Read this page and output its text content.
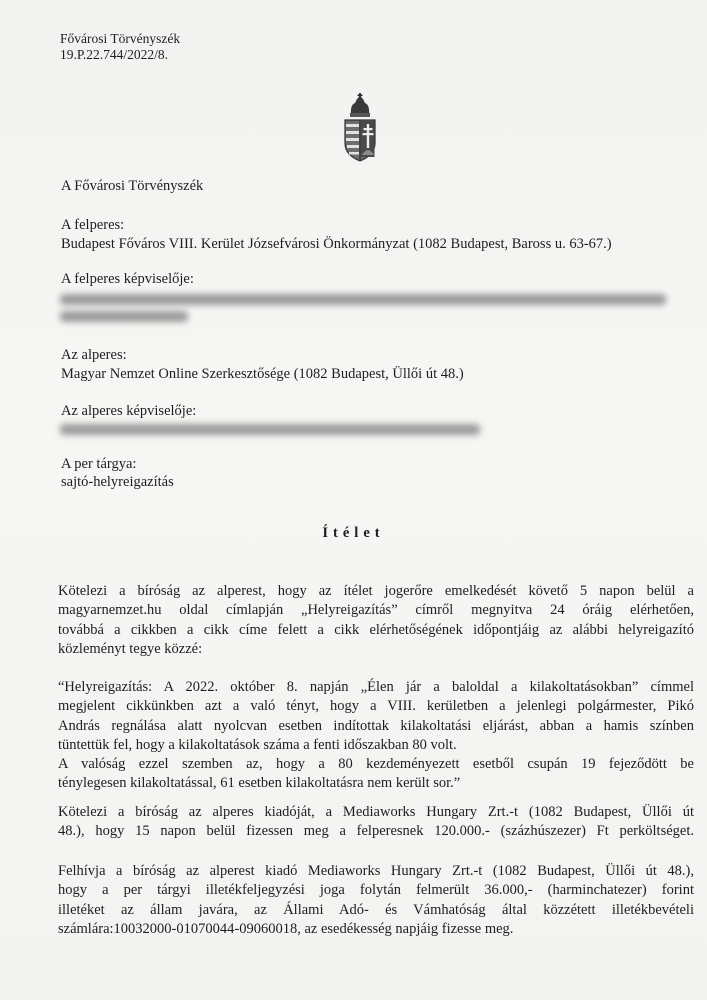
Fővárosi Törvényszék
19.P.22.744/2022/8.
A Fővárosi Törvényszék
A felperes:
Budapest Főváros VIII. Kerület Józsefvárosi Önkormányzat (1082 Budapest, Baross u. 63-67.)
A felperes képviselője:
Az alperes:
Magyar Nemzet Online Szerkesztősége (1082 Budapest, Üllői út 48.)
Az alperes képviselője:
A per tárgya:
sajtó-helyreigazítás
Ítélet
Kötelezi a bíróság az alperest, hogy az ítélet jogerőre emelkedését követő 5 napon belül a
magyarnemzet.hu oldal címlapján „Helyreigazítás” címről megnyitva 24 óráig elérhetően,
továbbá a cikkben a cikk címe felett a cikk elérhetőségének időpontjáig az alábbi helyreigazító
közleményt tegye közzé:
“Helyreigazítás: A 2022. október 8. napján „Élen jár a baloldal a kilakoltatásokban” címmel
megjelent cikkünkben azt a való tényt, hogy a VIII. kerületben a jelenlegi polgármester, Pikó
András regnálása alatt nyolcvan esetben indítottak kilakoltatási eljárást, abban a hamis színben
tüntettük fel, hogy a kilakoltatások száma a fenti időszakban 80 volt.
A valóság ezzel szemben az, hogy a 80 kezdeményezett esetből csupán 19 fejeződött be
ténylegesen kilakoltatással, 61 esetben kilakoltatásra nem került sor.”
Kötelezi a bíróság az alperes kiadóját, a Mediaworks Hungary Zrt.-t (1082 Budapest, Üllői út
48.), hogy 15 napon belül fizessen meg a felperesnek 120.000.- (százhúszezer) Ft perköltséget.
Felhívja a bíróság az alperest kiadó Mediaworks Hungary Zrt.-t (1082 Budapest, Üllői út 48.),
hogy a per tárgyi illetékfeljegyzési joga folytán felmerült 36.000,- (harminchatezer) forint
illetéket az állam javára, az Állami Adó- és Vámhatóság által közzétett illetékbevételi
számlára:10032000-01070044-09060018, az esedékesség napjáig fizesse meg.
